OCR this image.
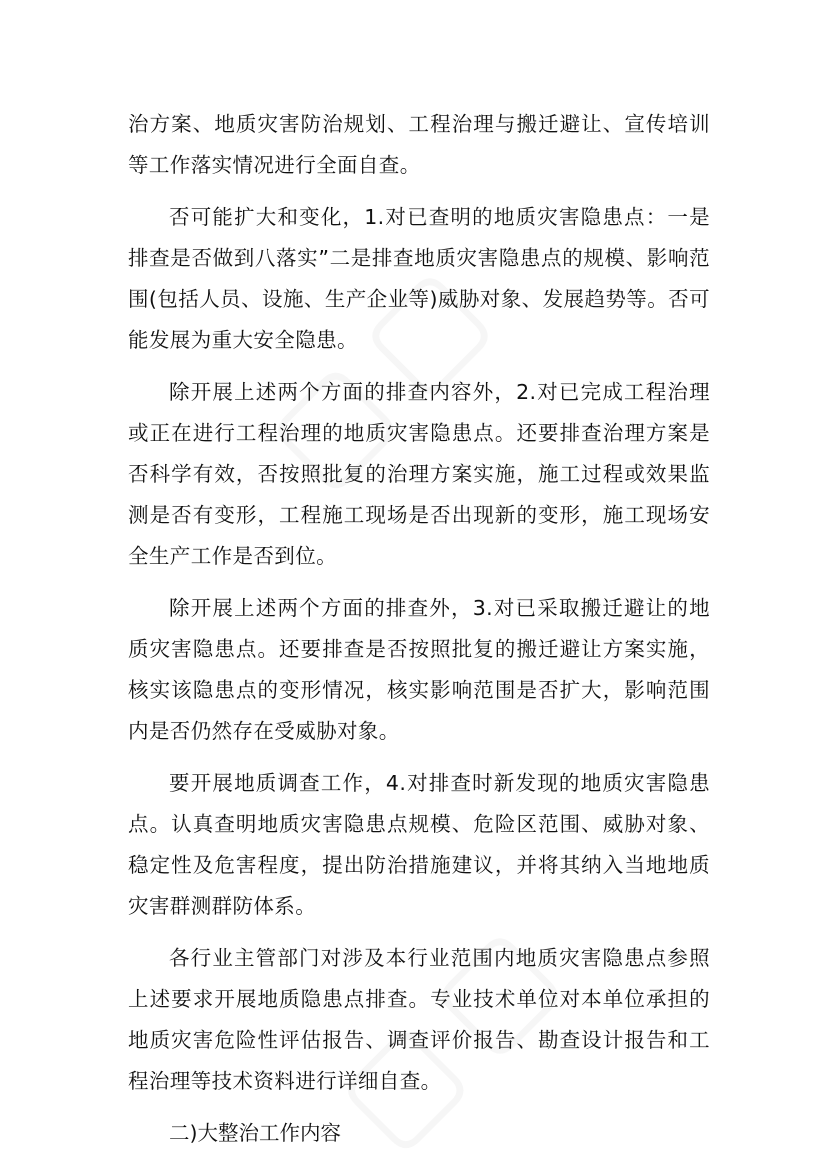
治方案、地质灾害防治规划、工程治理与搬迁避让、宣传培训等工作落实情况进行全面自查。

否可能扩大和变化，1.对已查明的地质灾害隐患点：一是排查是否做到八落实”二是排查地质灾害隐患点的规模、影响范围(包括人员、设施、生产企业等)威胁对象、发展趋势等。否可能发展为重大安全隐患。

除开展上述两个方面的排查内容外，2.对已完成工程治理或正在进行工程治理的地质灾害隐患点。还要排查治理方案是否科学有效，否按照批复的治理方案实施，施工过程或效果监测是否有变形，工程施工现场是否出现新的变形，施工现场安全生产工作是否到位。

除开展上述两个方面的排查外，3.对已采取搬迁避让的地质灾害隐患点。还要排查是否按照批复的搬迁避让方案实施，核实该隐患点的变形情况，核实影响范围是否扩大，影响范围内是否仍然存在受威胁对象。

要开展地质调查工作，4.对排查时新发现的地质灾害隐患点。认真查明地质灾害隐患点规模、危险区范围、威胁对象、稳定性及危害程度，提出防治措施建议，并将其纳入当地地质灾害群测群防体系。

各行业主管部门对涉及本行业范围内地质灾害隐患点参照上述要求开展地质隐患点排查。专业技术单位对本单位承担的地质灾害危险性评估报告、调查评价报告、勘查设计报告和工程治理等技术资料进行详细自查。

二)大整治工作内容
